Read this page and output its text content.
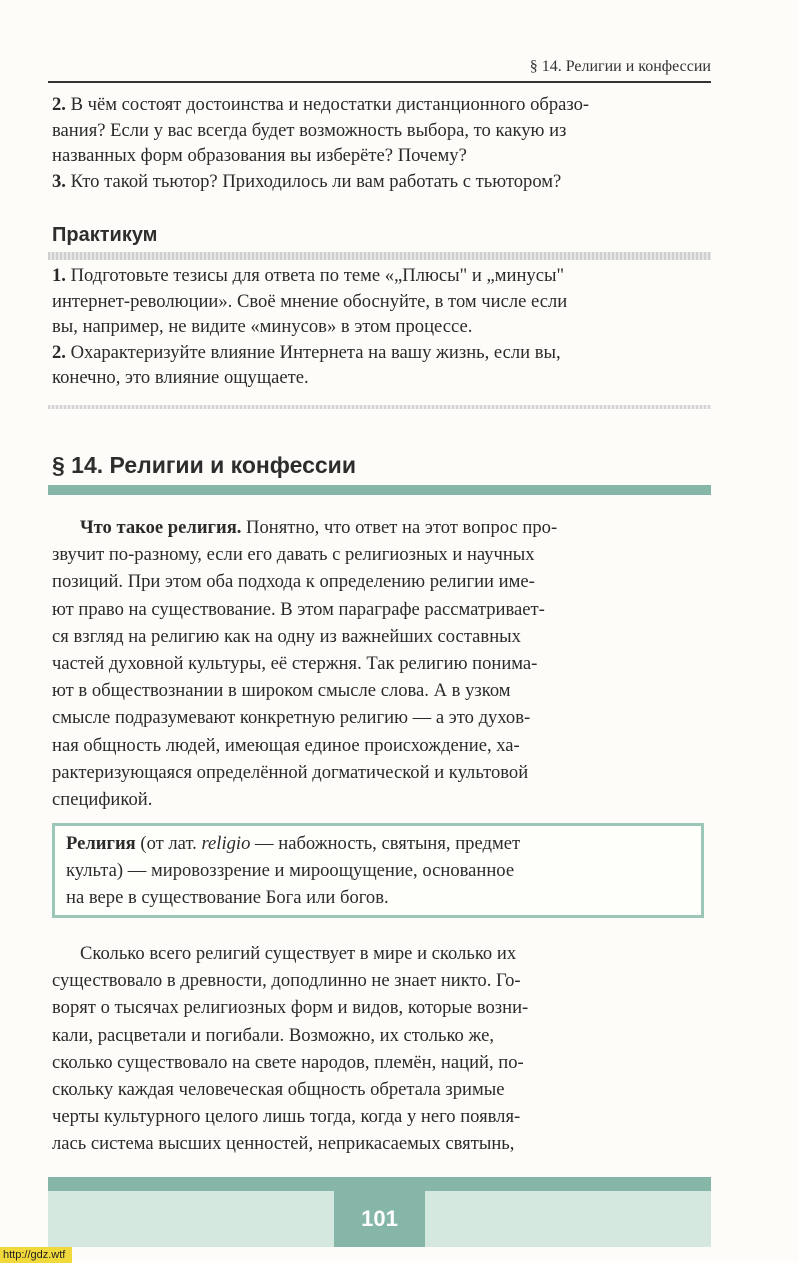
§ 14. Религии и конфессии
2. В чём состоят достоинства и недостатки дистанционного образо-
вания? Если у вас всегда будет возможность выбора, то какую из
названных форм образования вы изберёте? Почему?
3. Кто такой тьютор? Приходилось ли вам работать с тьютором?
Практикум
1. Подготовьте тезисы для ответа по теме «„Плюсы" и „минусы"
интернет-революции». Своё мнение обоснуйте, в том числе если
вы, например, не видите «минусов» в этом процессе.
2. Охарактеризуйте влияние Интернета на вашу жизнь, если вы,
конечно, это влияние ощущаете.
§ 14. Религии и конфессии
Что такое религия. Понятно, что ответ на этот вопрос про-
звучит по-разному, если его давать с религиозных и научных
позиций. При этом оба подхода к определению религии име-
ют право на существование. В этом параграфе рассматривает-
ся взгляд на религию как на одну из важнейших составных
частей духовной культуры, её стержня. Так религию понима-
ют в обществознании в широком смысле слова. А в узком
смысле подразумевают конкретную религию — а это духов-
ная общность людей, имеющая единое происхождение, ха-
рактеризующаяся определённой догматической и культовой
спецификой.
Религия (от лат. religio — набожность, святыня, предмет
культа) — мировоззрение и мироощущение, основанное
на вере в существование Бога или богов.
Сколько всего религий существует в мире и сколько их
существовало в древности, доподлинно не знает никто. Го-
ворят о тысячах религиозных форм и видов, которые возни-
кали, расцветали и погибали. Возможно, их столько же,
сколько существовало на свете народов, племён, наций, по-
скольку каждая человеческая общность обретала зримые
черты культурного целого лишь тогда, когда у него появля-
лась система высших ценностей, неприкасаемых святынь,
101
http://gdz.wtf
